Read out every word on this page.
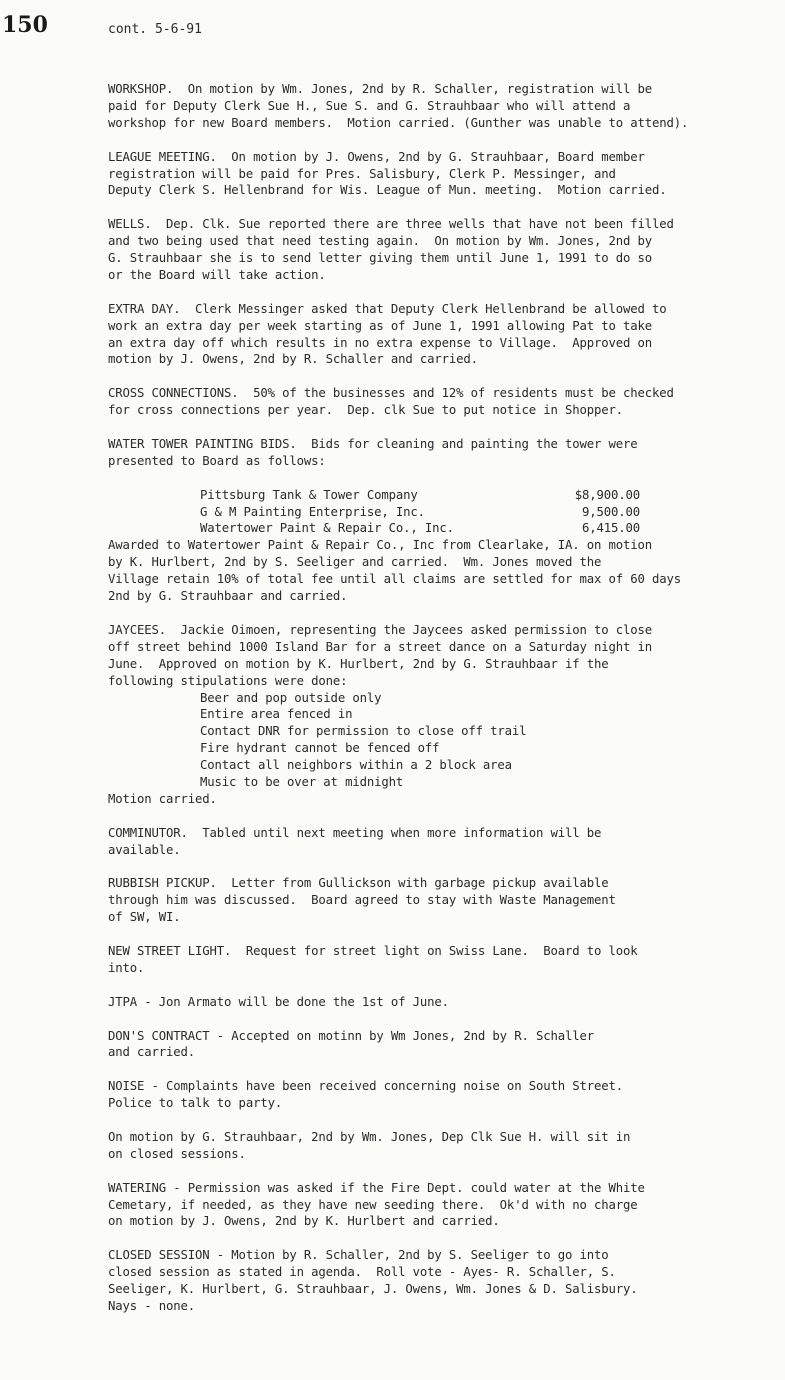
150	cont. 5-6-91
WORKSHOP.  On motion by Wm. Jones, 2nd by R. Schaller, registration will be
paid for Deputy Clerk Sue H., Sue S. and G. Strauhbaar who will attend a
workshop for new Board members.  Motion carried. (Gunther was unable to attend).
LEAGUE MEETING.  On motion by J. Owens, 2nd by G. Strauhbaar, Board member
registration will be paid for Pres. Salisbury, Clerk P. Messinger, and
Deputy Clerk S. Hellenbrand for Wis. League of Mun. meeting.  Motion carried.
WELLS.  Dep. Clk. Sue reported there are three wells that have not been filled
and two being used that need testing again.  On motion by Wm. Jones, 2nd by
G. Strauhbaar she is to send letter giving them until June 1, 1991 to do so
or the Board will take action.
EXTRA DAY.  Clerk Messinger asked that Deputy Clerk Hellenbrand be allowed to
work an extra day per week starting as of June 1, 1991 allowing Pat to take
an extra day off which results in no extra expense to Village.  Approved on
motion by J. Owens, 2nd by R. Schaller and carried.
CROSS CONNECTIONS.  50% of the businesses and 12% of residents must be checked
for cross connections per year.  Dep. clk Sue to put notice in Shopper.
WATER TOWER PAINTING BIDS.  Bids for cleaning and painting the tower were
presented to Board as follows:
Pittsburg Tank & Tower Company	$8,900.00
G & M Painting Enterprise, Inc.	9,500.00
Watertower Paint & Repair Co., Inc.	6,415.00
Awarded to Watertower Paint & Repair Co., Inc from Clearlake, IA. on motion
by K. Hurlbert, 2nd by S. Seeliger and carried.  Wm. Jones moved the
Village retain 10% of total fee until all claims are settled for max of 60 days
2nd by G. Strauhbaar and carried.
JAYCEES.  Jackie Oimoen, representing the Jaycees asked permission to close
off street behind 1000 Island Bar for a street dance on a Saturday night in
June.  Approved on motion by K. Hurlbert, 2nd by G. Strauhbaar if the
following stipulations were done:
Beer and pop outside only
Entire area fenced in
Contact DNR for permission to close off trail
Fire hydrant cannot be fenced off
Contact all neighbors within a 2 block area
Music to be over at midnight
Motion carried.
COMMINUTOR.  Tabled until next meeting when more information will be
available.
RUBBISH PICKUP.  Letter from Gullickson with garbage pickup available
through him was discussed.  Board agreed to stay with Waste Management
of SW, WI.
NEW STREET LIGHT.  Request for street light on Swiss Lane.  Board to look
into.
JTPA - Jon Armato will be done the 1st of June.
DON'S CONTRACT - Accepted on motinn by Wm Jones, 2nd by R. Schaller
and carried.
NOISE - Complaints have been received concerning noise on South Street.
Police to talk to party.
On motion by G. Strauhbaar, 2nd by Wm. Jones, Dep Clk Sue H. will sit in
on closed sessions.
WATERING - Permission was asked if the Fire Dept. could water at the White
Cemetary, if needed, as they have new seeding there.  Ok'd with no charge
on motion by J. Owens, 2nd by K. Hurlbert and carried.
CLOSED SESSION - Motion by R. Schaller, 2nd by S. Seeliger to go into
closed session as stated in agenda.  Roll vote - Ayes- R. Schaller, S.
Seeliger, K. Hurlbert, G. Strauhbaar, J. Owens, Wm. Jones & D. Salisbury.
Nays - none.
